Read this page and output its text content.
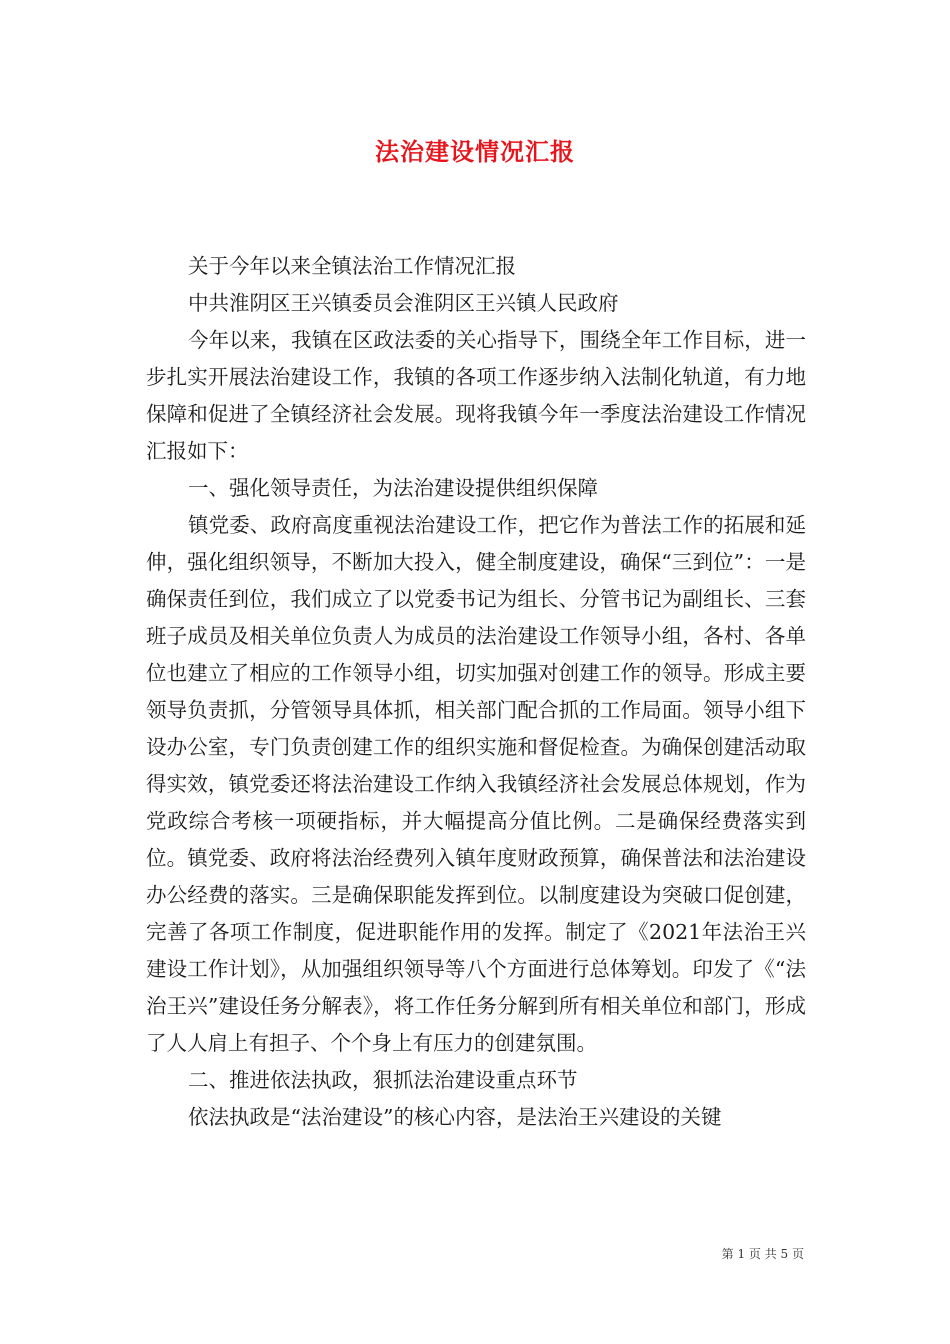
法治建设情况汇报

关于今年以来全镇法治工作情况汇报

中共淮阴区王兴镇委员会淮阴区王兴镇人民政府

今年以来，我镇在区政法委的关心指导下，围绕全年工作目标，进一步扎实开展法治建设工作，我镇的各项工作逐步纳入法制化轨道，有力地保障和促进了全镇经济社会发展。现将我镇今年一季度法治建设工作情况汇报如下：

一、强化领导责任，为法治建设提供组织保障

镇党委、政府高度重视法治建设工作，把它作为普法工作的拓展和延伸，强化组织领导，不断加大投入，健全制度建设，确保“三到位”：一是确保责任到位，我们成立了以党委书记为组长、分管书记为副组长、三套班子成员及相关单位负责人为成员的法治建设工作领导小组，各村、各单位也建立了相应的工作领导小组，切实加强对创建工作的领导。形成主要领导负责抓，分管领导具体抓，相关部门配合抓的工作局面。领导小组下设办公室，专门负责创建工作的组织实施和督促检查。为确保创建活动取得实效，镇党委还将法治建设工作纳入我镇经济社会发展总体规划，作为党政综合考核一项硬指标，并大幅提高分值比例。二是确保经费落实到位。镇党委、政府将法治经费列入镇年度财政预算，确保普法和法治建设办公经费的落实。三是确保职能发挥到位。以制度建设为突破口促创建，完善了各项工作制度，促进职能作用的发挥。制定了《2021年法治王兴建设工作计划》，从加强组织领导等八个方面进行总体筹划。印发了《“法治王兴”建设任务分解表》，将工作任务分解到所有相关单位和部门，形成了人人肩上有担子、个个身上有压力的创建氛围。

二、推进依法执政，狠抓法治建设重点环节

依法执政是“法治建设”的核心内容，是法治王兴建设的关键

第 1 页 共 5 页
